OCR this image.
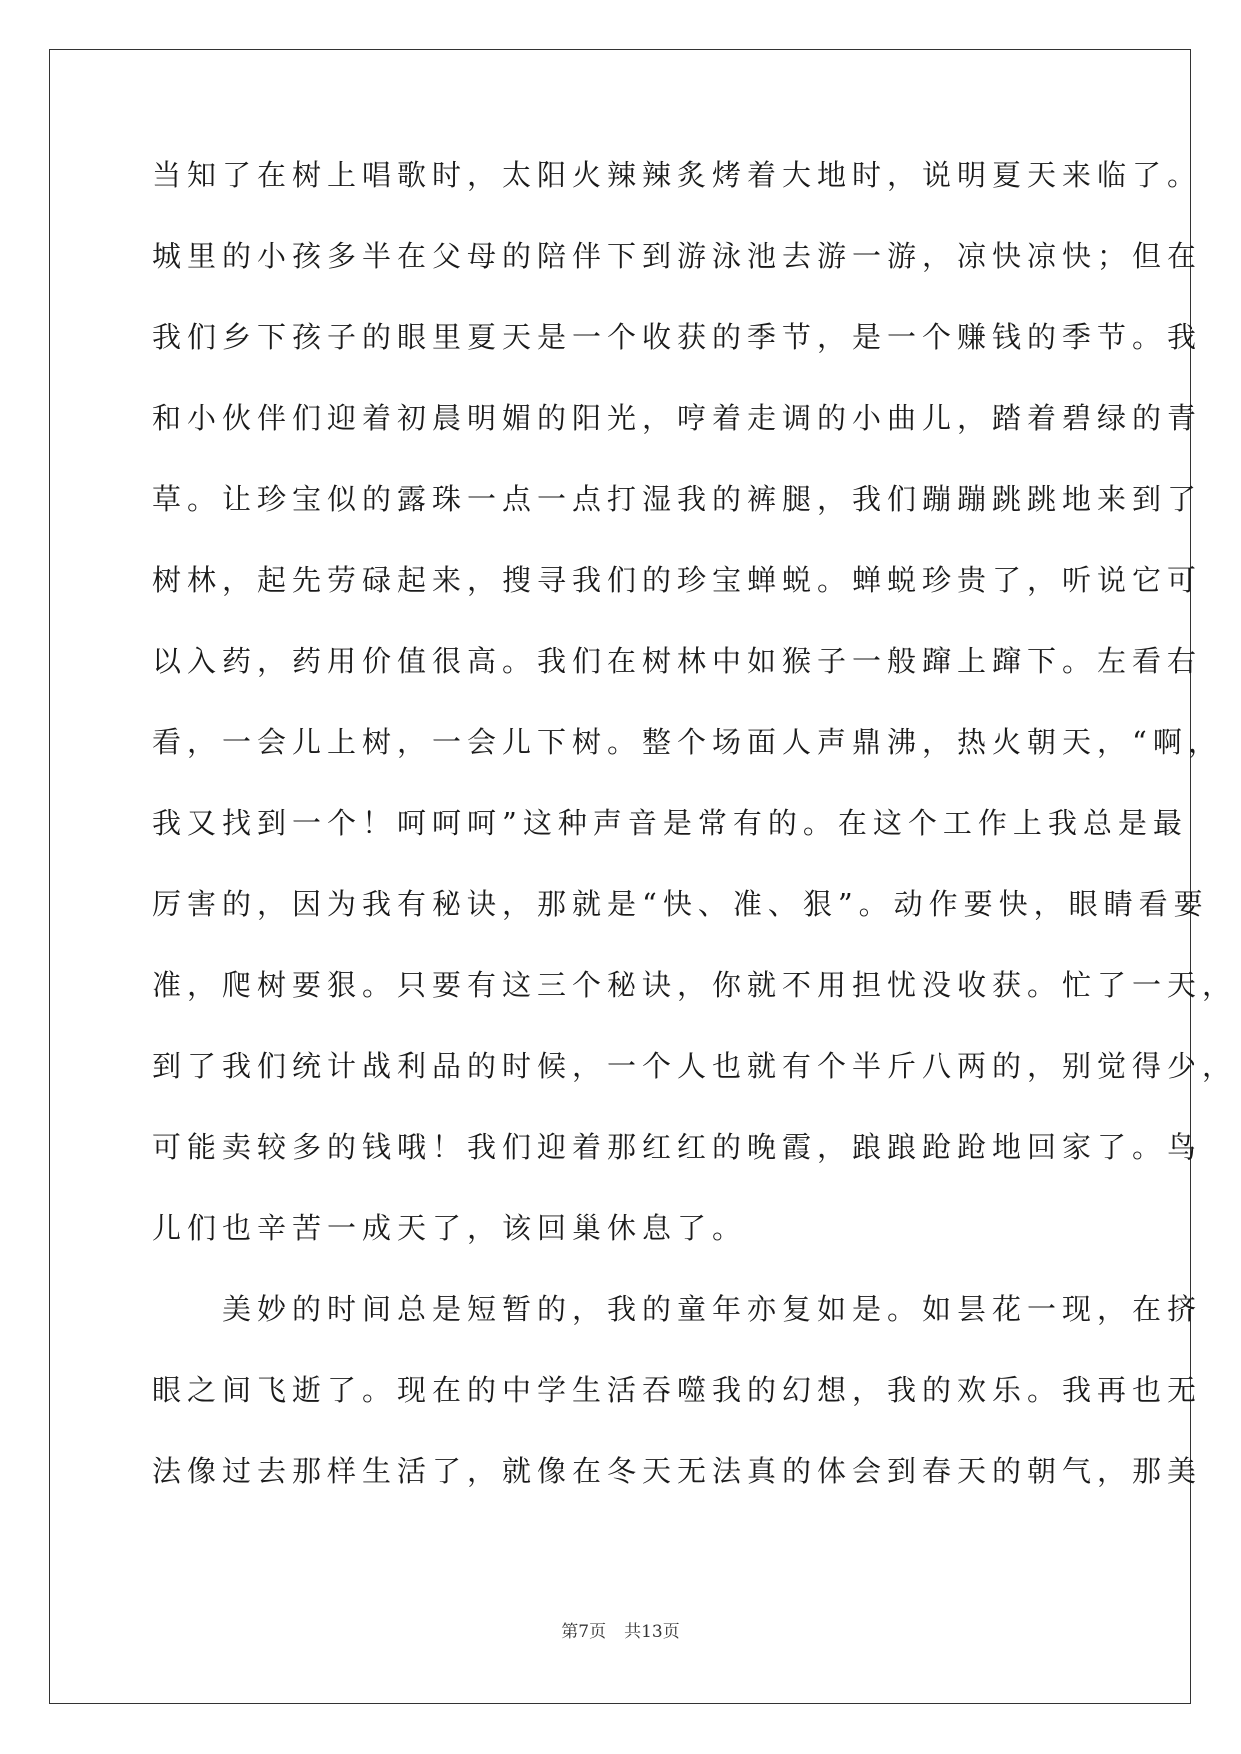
当知了在树上唱歌时，太阳火辣辣炙烤着大地时，说明夏天来临了。
城里的小孩多半在父母的陪伴下到游泳池去游一游，凉快凉快；但在
我们乡下孩子的眼里夏天是一个收获的季节，是一个赚钱的季节。我
和小伙伴们迎着初晨明媚的阳光，哼着走调的小曲儿，踏着碧绿的青
草。让珍宝似的露珠一点一点打湿我的裤腿，我们蹦蹦跳跳地来到了
树林，起先劳碌起来，搜寻我们的珍宝蝉蜕。蝉蜕珍贵了，听说它可
以入药，药用价值很高。我们在树林中如猴子一般蹿上蹿下。左看右
看，一会儿上树，一会儿下树。整个场面人声鼎沸，热火朝天，“啊，
我又找到一个！呵呵呵”这种声音是常有的。在这个工作上我总是最
厉害的，因为我有秘诀，那就是“快、准、狠”。动作要快，眼睛看要
准，爬树要狠。只要有这三个秘诀，你就不用担忧没收获。忙了一天，
到了我们统计战利品的时候，一个人也就有个半斤八两的，别觉得少，
可能卖较多的钱哦！我们迎着那红红的晚霞，踉踉跄跄地回家了。鸟
儿们也辛苦一成天了，该回巢休息了。
　　美妙的时间总是短暂的，我的童年亦复如是。如昙花一现，在挤
眼之间飞逝了。现在的中学生活吞噬我的幻想，我的欢乐。我再也无
法像过去那样生活了，就像在冬天无法真的体会到春天的朝气，那美
第7页 共13页
